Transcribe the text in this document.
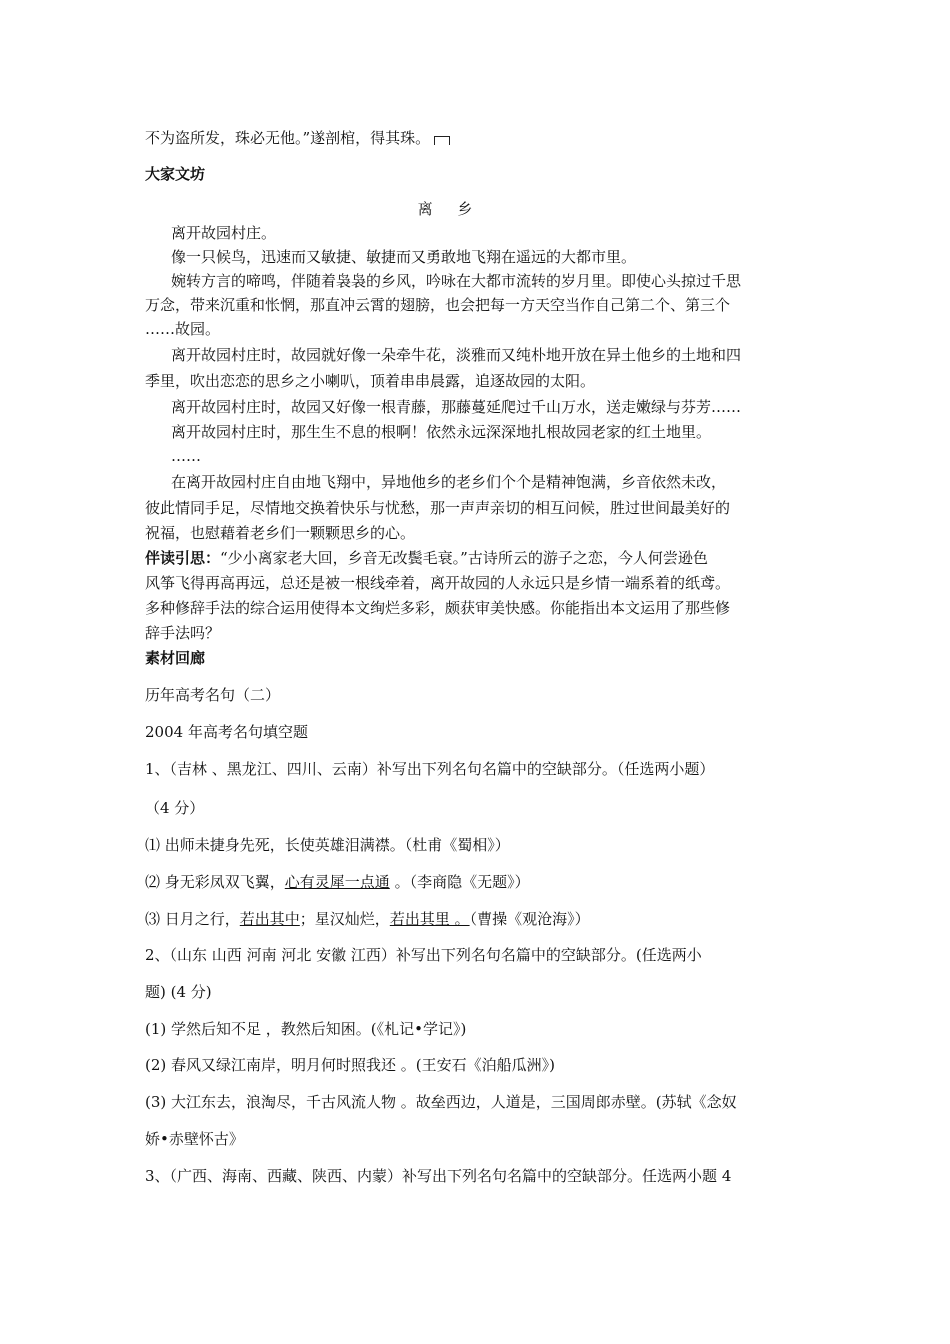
不为盗所发，珠必无他。”遂剖棺，得其珠。
大家文坊
离 乡
离开故园村庄。
像一只候鸟，迅速而又敏捷、敏捷而又勇敢地飞翔在遥远的大都市里。
婉转方言的啼鸣，伴随着袅袅的乡风，吟咏在大都市流转的岁月里。即使心头掠过千思
万念，带来沉重和怅惘，那直冲云霄的翅膀，也会把每一方天空当作自己第二个、第三个
……故园。
离开故园村庄时，故园就好像一朵牵牛花，淡雅而又纯朴地开放在异土他乡的土地和四
季里，吹出恋恋的思乡之小喇叭，顶着串串晨露，追逐故园的太阳。
离开故园村庄时，故园又好像一根青藤，那藤蔓延爬过千山万水，送走嫩绿与芬芳……
离开故园村庄时，那生生不息的根啊！依然永远深深地扎根故园老家的红土地里。
……
在离开故园村庄自由地飞翔中，异地他乡的老乡们个个是精神饱满，乡音依然未改，
彼此情同手足，尽情地交换着快乐与忧愁，那一声声亲切的相互问候，胜过世间最美好的
祝福，也慰藉着老乡们一颗颗思乡的心。
伴读引思：“少小离家老大回，乡音无改鬓毛衰。”古诗所云的游子之恋，今人何尝逊色
风筝飞得再高再远，总还是被一根线牵着，离开故园的人永远只是乡情一端系着的纸鸢。
多种修辞手法的综合运用使得本文绚烂多彩，颇获审美快感。你能指出本文运用了那些修
辞手法吗？
素材回廊
历年高考名句（二）
2004 年高考名句填空题
1、（吉林 、黑龙江、四川、云南）补写出下列名句名篇中的空缺部分。（任选两小题）
（4 分）
⑴ 出师未捷身先死，长使英雄泪满襟。（杜甫《蜀相》）
⑵ 身无彩凤双飞翼，心有灵犀一点通 。（李商隐《无题》）
⑶ 日月之行，若出其中；星汉灿烂，若出其里 。（曹操《观沧海》）
2、（山东 山西 河南 河北 安徽 江西）补写出下列名句名篇中的空缺部分。(任选两小
题) (4 分)
(1) 学然后知不足 ，教然后知困。(《札记•学记》)
(2) 春风又绿江南岸，明月何时照我还 。(王安石《泊船瓜洲》)
(3) 大江东去，浪淘尽，千古风流人物 。故垒西边，人道是，三国周郎赤壁。(苏轼《念奴
娇•赤壁怀古》
3、（广西、海南、西藏、陕西、内蒙）补写出下列名句名篇中的空缺部分。任选两小题 4
